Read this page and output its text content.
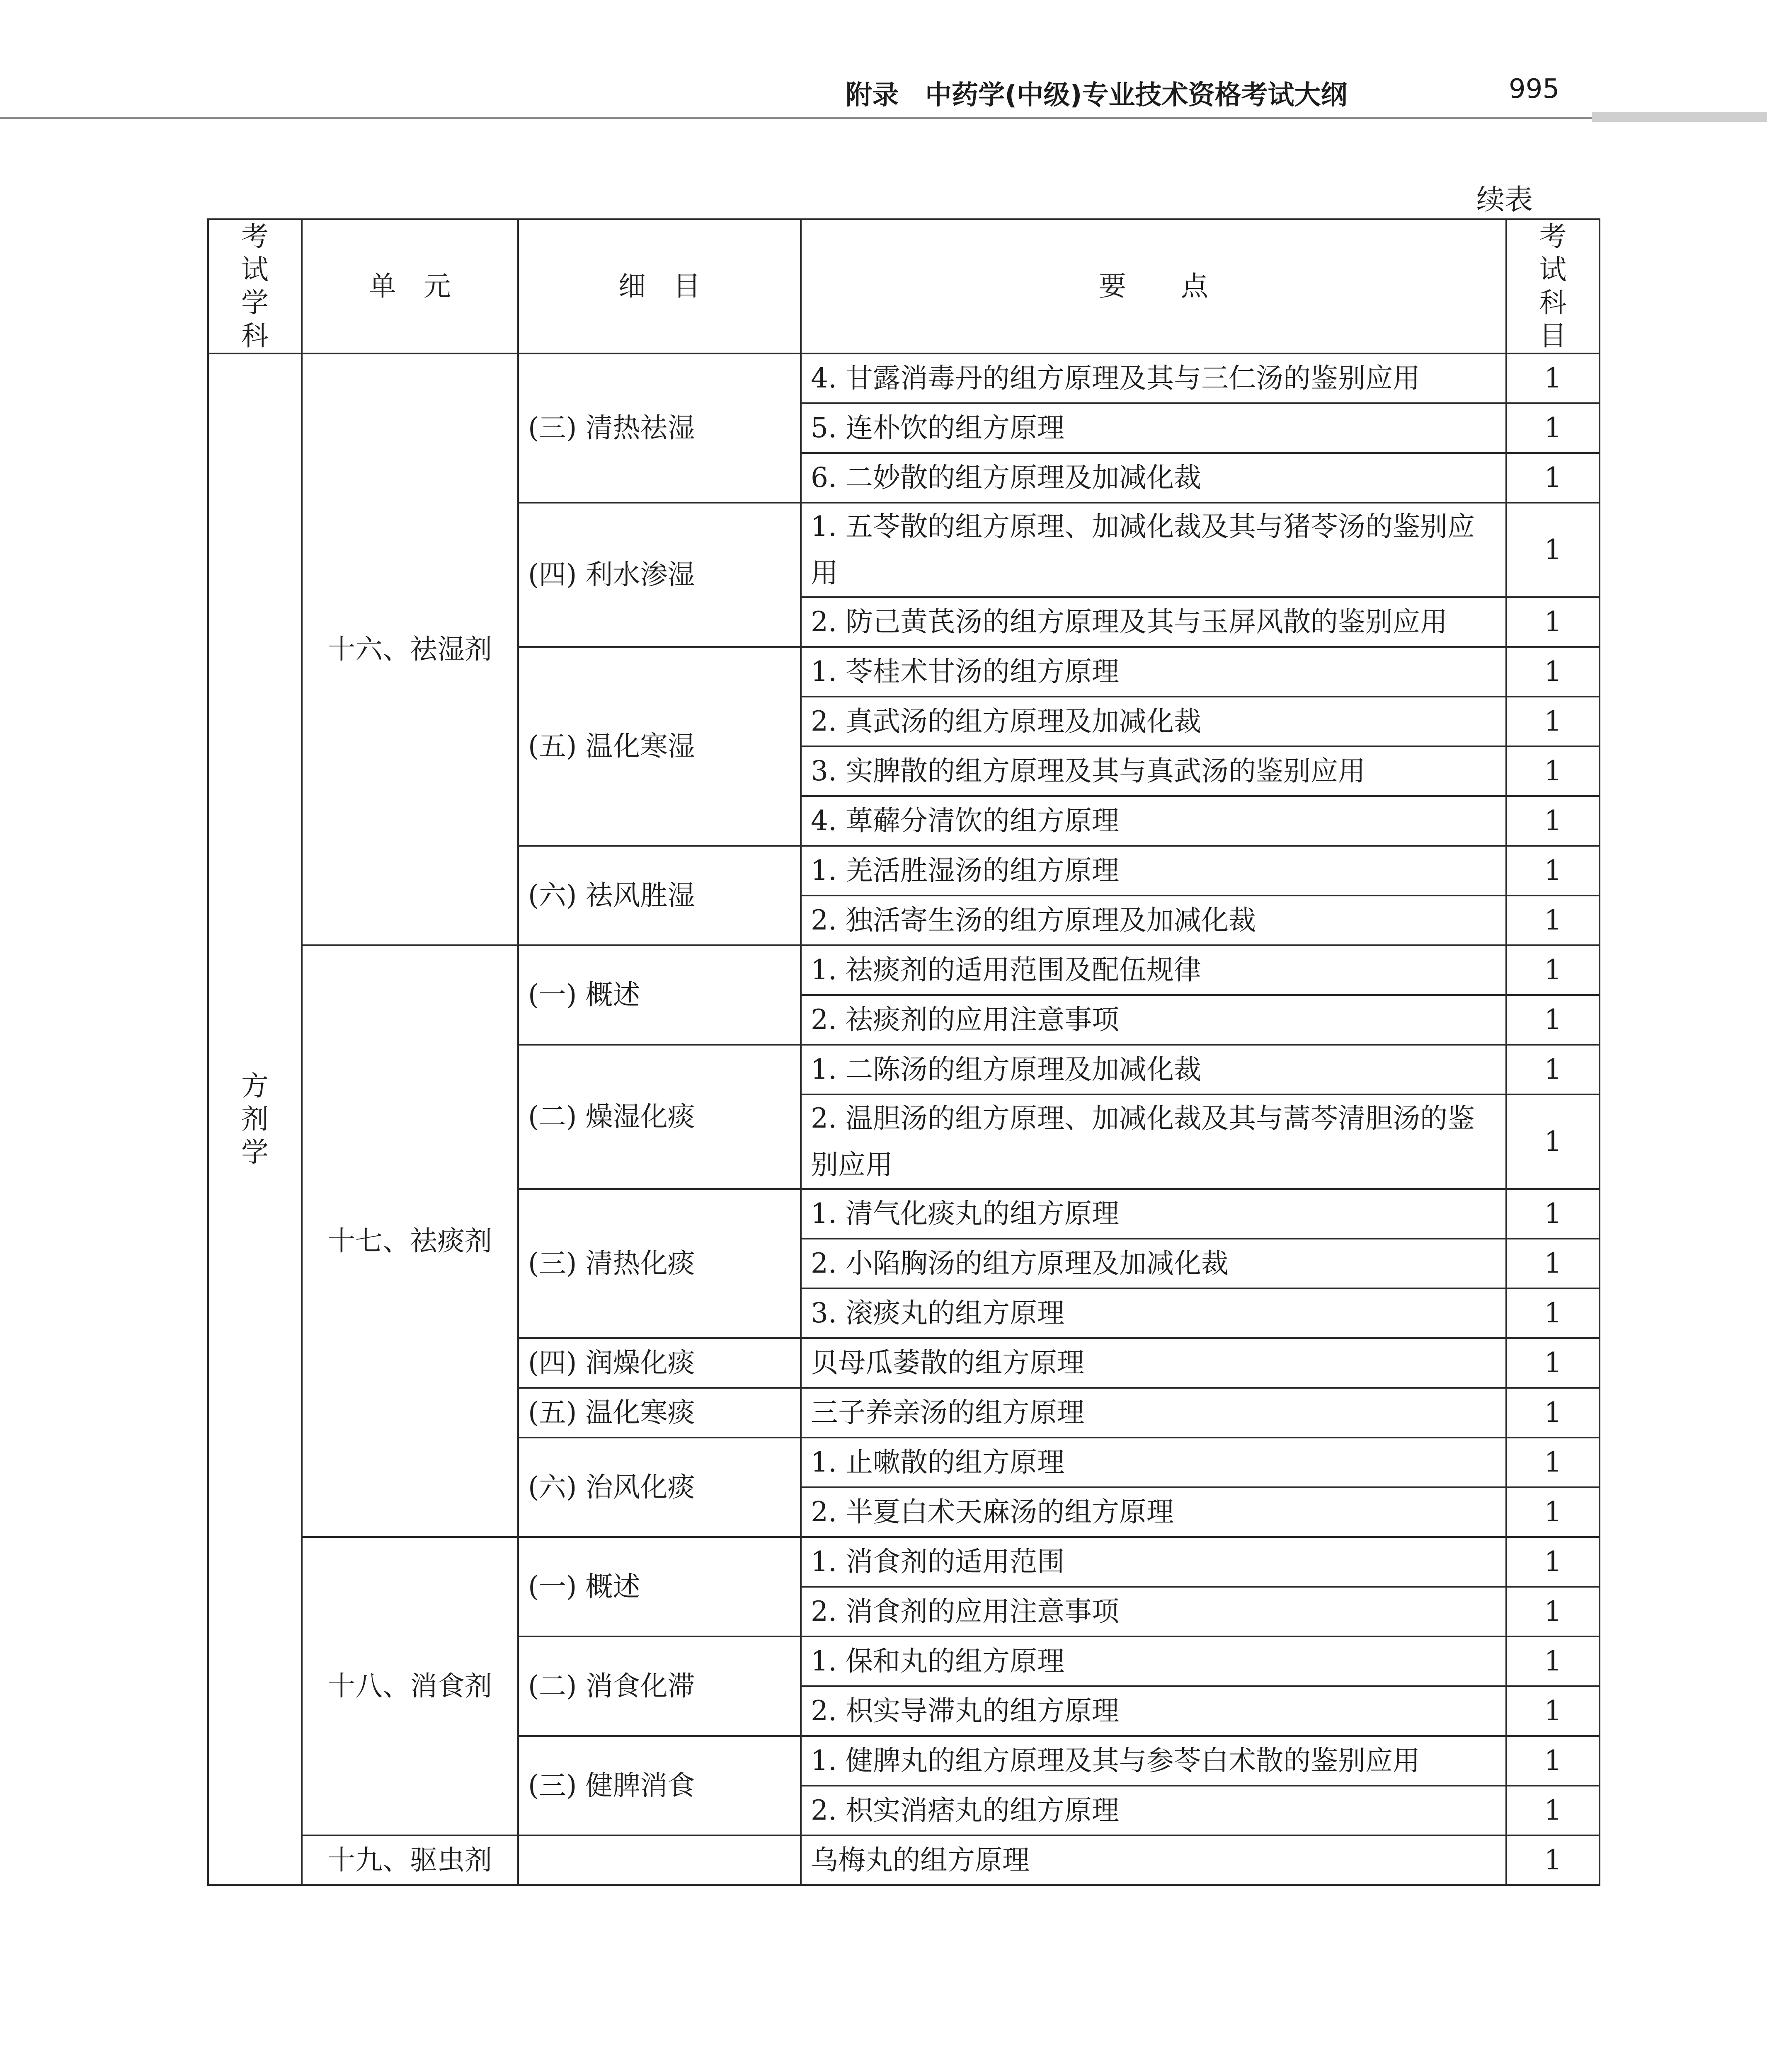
附录　中药学(中级)专业技术资格考试大纲	995
续表
考试学科	单　元	细　目	要　　点	考试科目
方剂学	十六、祛湿剂	(三) 清热祛湿	4. 甘露消毒丹的组方原理及其与三仁汤的鉴别应用	1
			5. 连朴饮的组方原理	1
			6. 二妙散的组方原理及加减化裁	1
		(四) 利水渗湿	1. 五苓散的组方原理、加减化裁及其与猪苓汤的鉴别应用	1
			2. 防己黄芪汤的组方原理及其与玉屏风散的鉴别应用	1
		(五) 温化寒湿	1. 苓桂术甘汤的组方原理	1
			2. 真武汤的组方原理及加减化裁	1
			3. 实脾散的组方原理及其与真武汤的鉴别应用	1
			4. 萆薢分清饮的组方原理	1
		(六) 祛风胜湿	1. 羌活胜湿汤的组方原理	1
			2. 独活寄生汤的组方原理及加减化裁	1
	十七、祛痰剂	(一) 概述	1. 祛痰剂的适用范围及配伍规律	1
			2. 祛痰剂的应用注意事项	1
		(二) 燥湿化痰	1. 二陈汤的组方原理及加减化裁	1
			2. 温胆汤的组方原理、加减化裁及其与蒿芩清胆汤的鉴别应用	1
		(三) 清热化痰	1. 清气化痰丸的组方原理	1
			2. 小陷胸汤的组方原理及加减化裁	1
			3. 滚痰丸的组方原理	1
		(四) 润燥化痰	贝母瓜蒌散的组方原理	1
		(五) 温化寒痰	三子养亲汤的组方原理	1
		(六) 治风化痰	1. 止嗽散的组方原理	1
			2. 半夏白术天麻汤的组方原理	1
	十八、消食剂	(一) 概述	1. 消食剂的适用范围	1
			2. 消食剂的应用注意事项	1
		(二) 消食化滞	1. 保和丸的组方原理	1
			2. 枳实导滞丸的组方原理	1
		(三) 健脾消食	1. 健脾丸的组方原理及其与参苓白术散的鉴别应用	1
			2. 枳实消痞丸的组方原理	1
	十九、驱虫剂		乌梅丸的组方原理	1
